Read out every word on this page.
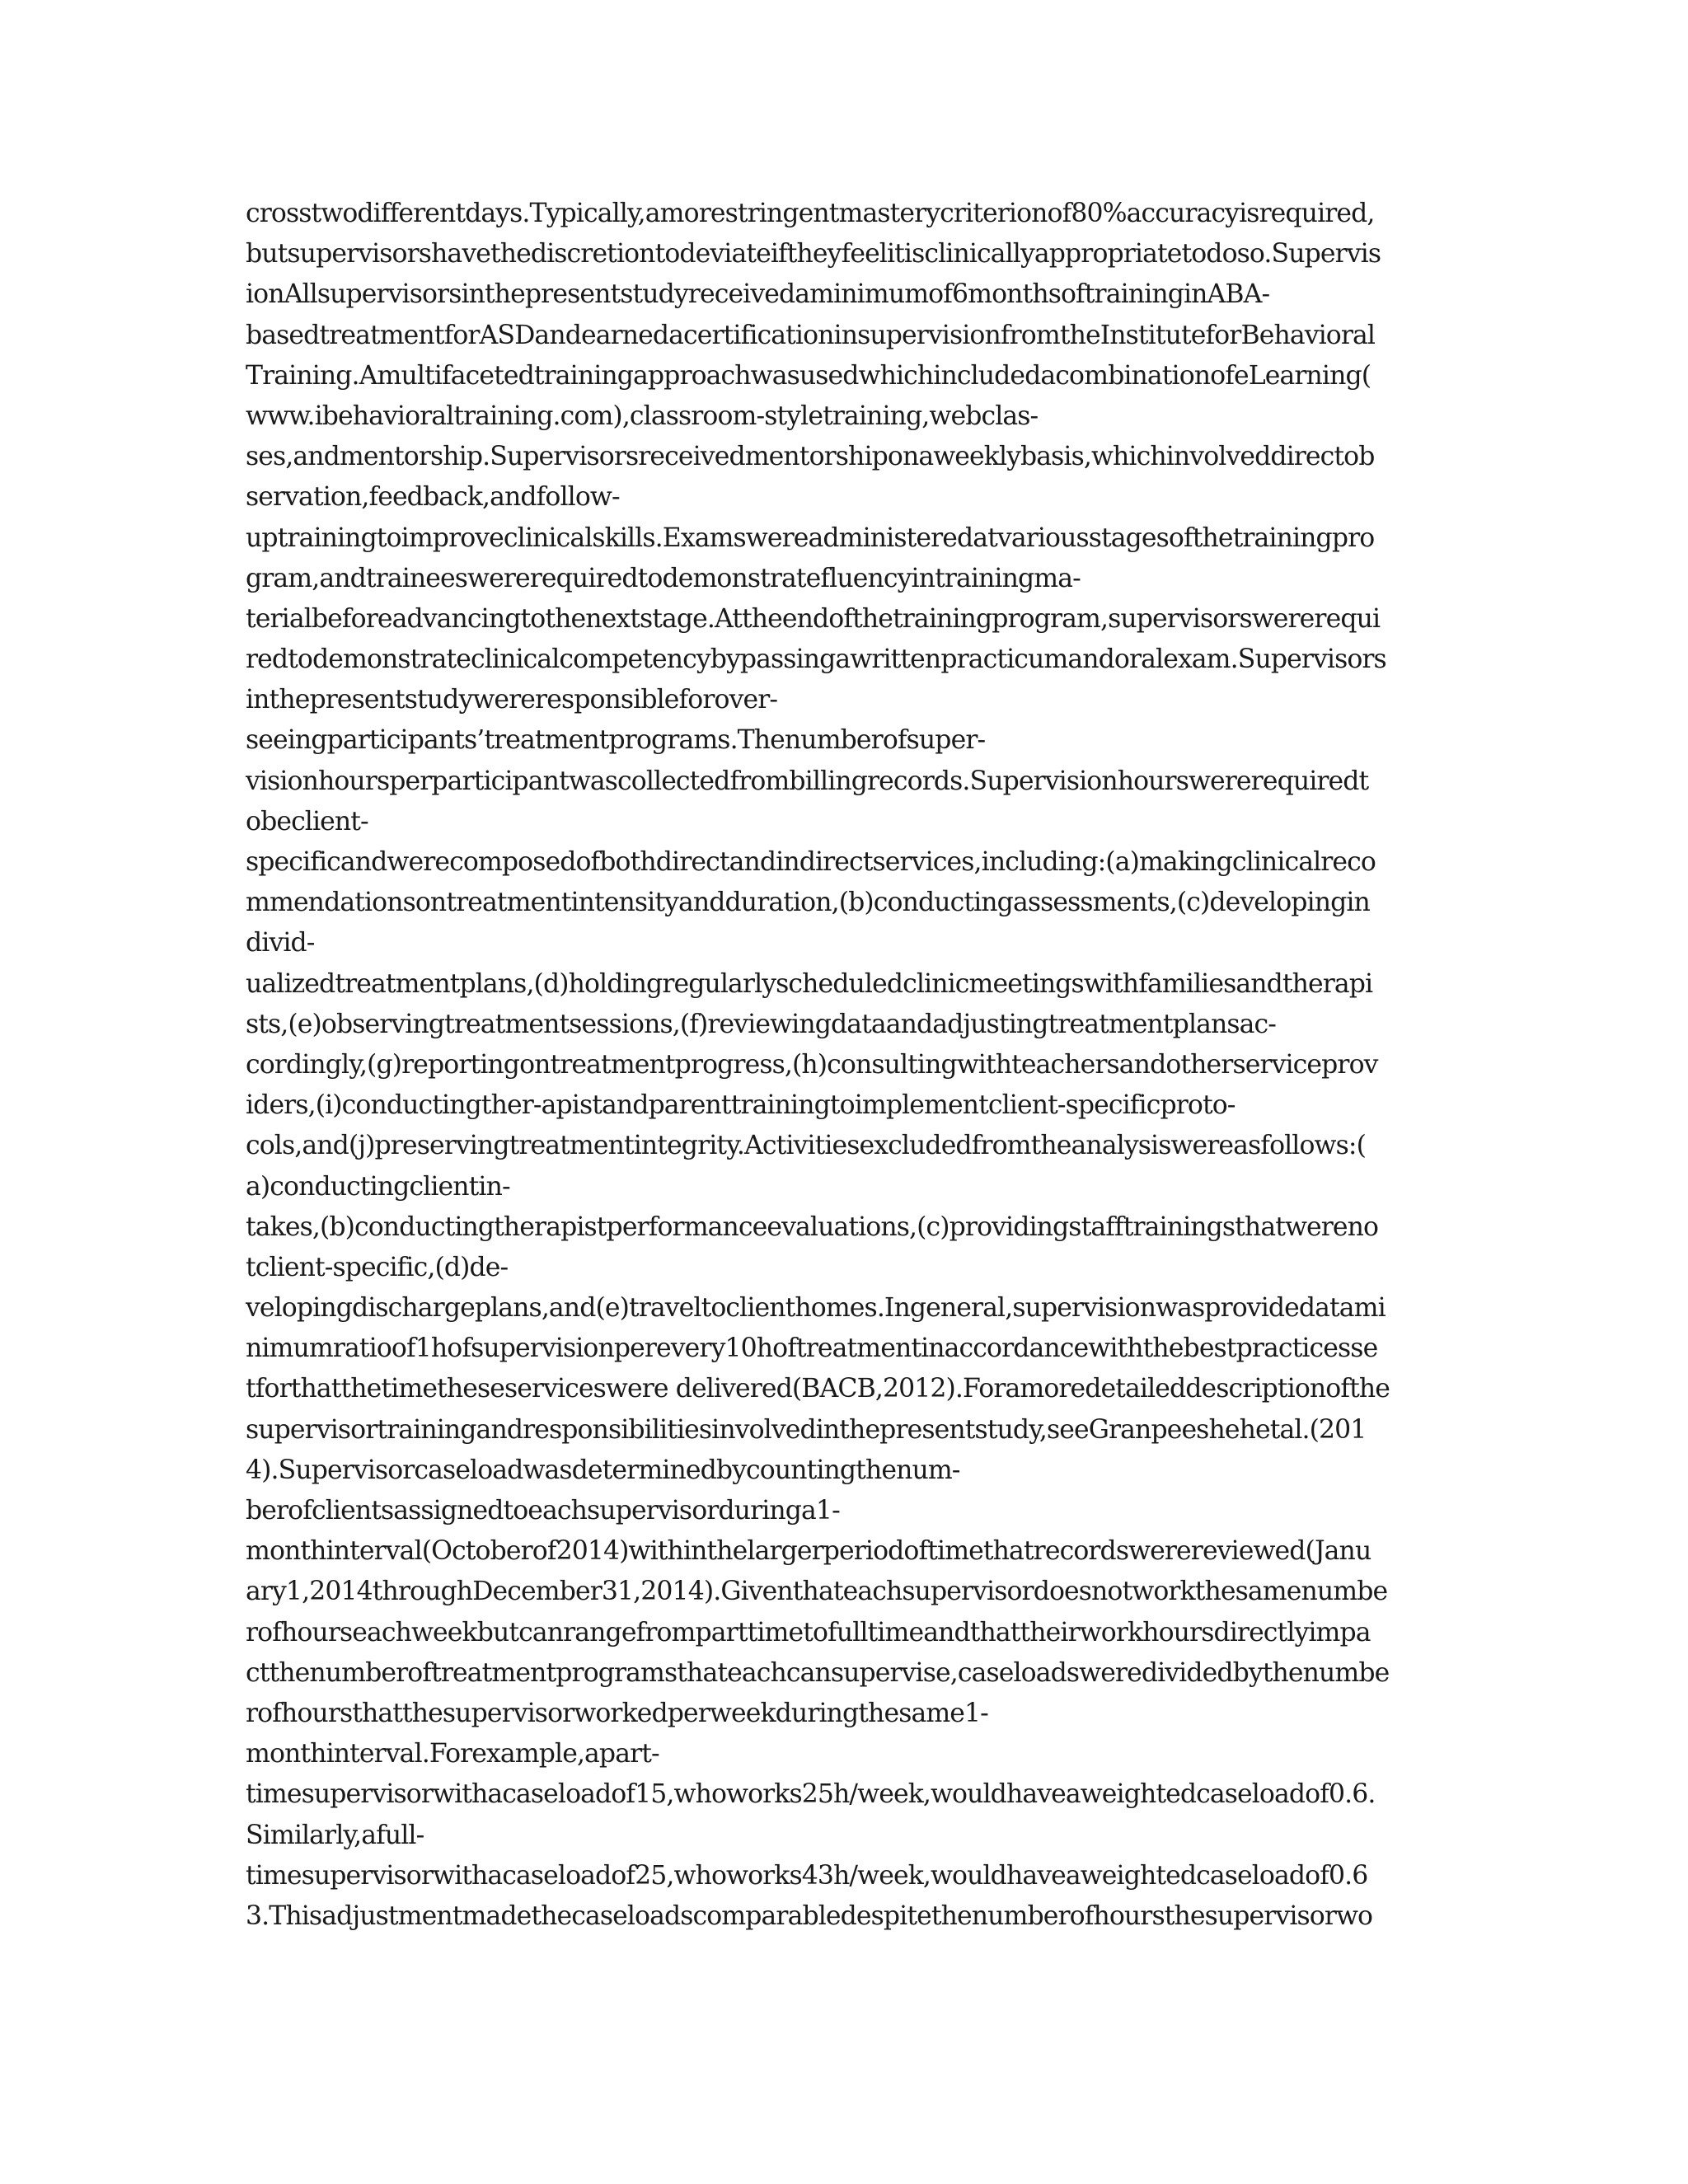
crosstwodifferentdays.Typically,amorestringentmasterycriterionof80%accuracyisrequired,
butsupervisorshavethediscretiontodeviateiftheyfeelitisclinicallyappropriatetodoso.Supervis
ionAllsupervisorsinthepresentstudyreceivedaminimumof6monthsoftraininginABA-
basedtreatmentforASDandearnedacertificationinsupervisionfromtheInstituteforBehavioral
Training.AmultifacetedtrainingapproachwasusedwhichincludedacombinationofeLearning(
www.ibehavioraltraining.com),classroom-styletraining,webclas-
ses,andmentorship.Supervisorsreceivedmentorshiponaweeklybasis,whichinvolveddirectob
servation,feedback,andfollow-
uptrainingtoimproveclinicalskills.Examswereadministeredatvariousstagesofthetrainingpro
gram,andtraineeswererequiredtodemonstratefluencyintrainingma-
terialbeforeadvancingtothenextstage.Attheendofthetrainingprogram,supervisorswererequi
redtodemonstrateclinicalcompetencybypassingawrittenpracticumandoralexam.Supervisors
inthepresentstudywereresponsibleforover-
seeingparticipants’treatmentprograms.Thenumberofsuper-
visionhoursperparticipantwascollectedfrombillingrecords.Supervisionhourswererequiredt
obeclient-
specificandwerecomposedofbothdirectandindirectservices,including:(a)makingclinicalreco
mmendationsontreatmentintensityandduration,(b)conductingassessments,(c)developingin
divid-
ualizedtreatmentplans,(d)holdingregularlyscheduledclinicmeetingswithfamiliesandtherapi
sts,(e)observingtreatmentsessions,(f)reviewingdataandadjustingtreatmentplansac-
cordingly,(g)reportingontreatmentprogress,(h)consultingwithteachersandotherserviceprov
iders,(i)conductingther-apistandparenttrainingtoimplementclient-specificproto-
cols,and(j)preservingtreatmentintegrity.Activitiesexcludedfromtheanalysiswereasfollows:(
a)conductingclientin-
takes,(b)conductingtherapistperformanceevaluations,(c)providingstafftrainingsthatwereno
tclient-specific,(d)de-
velopingdischargeplans,and(e)traveltoclienthomes.Ingeneral,supervisionwasprovidedatami
nimumratioof1hofsupervisionperevery10hoftreatmentinaccordancewiththebestpracticesse
tforthatthetimetheseserviceswere delivered(BACB,2012).Foramoredetaileddescriptionofthe
supervisortrainingandresponsibilitiesinvolvedinthepresentstudy,seeGranpeeshehetal.(201
4).Supervisorcaseloadwasdeterminedbycountingthenum-
berofclientsassignedtoeachsupervisorduringa1-
monthinterval(Octoberof2014)withinthelargerperiodoftimethatrecordswerereviewed(Janu
ary1,2014throughDecember31,2014).Giventhateachsupervisordoesnotworkthesamenumbe
rofhourseachweekbutcanrangefromparttimetofulltimeandthattheirworkhoursdirectlyimpa
ctthenumberoftreatmentprogramsthateachcansupervise,caseloadsweredividedbythenumbe
rofhoursthatthesupervisorworkedperweekduringthesame1-
monthinterval.Forexample,apart-
timesupervisorwithacaseloadof15,whoworks25h/week,wouldhaveaweightedcaseloadof0.6.
Similarly,afull-
timesupervisorwithacaseloadof25,whoworks43h/week,wouldhaveaweightedcaseloadof0.6
3.Thisadjustmentmadethecaseloadscomparabledespitethenumberofhoursthesupervisorwo
